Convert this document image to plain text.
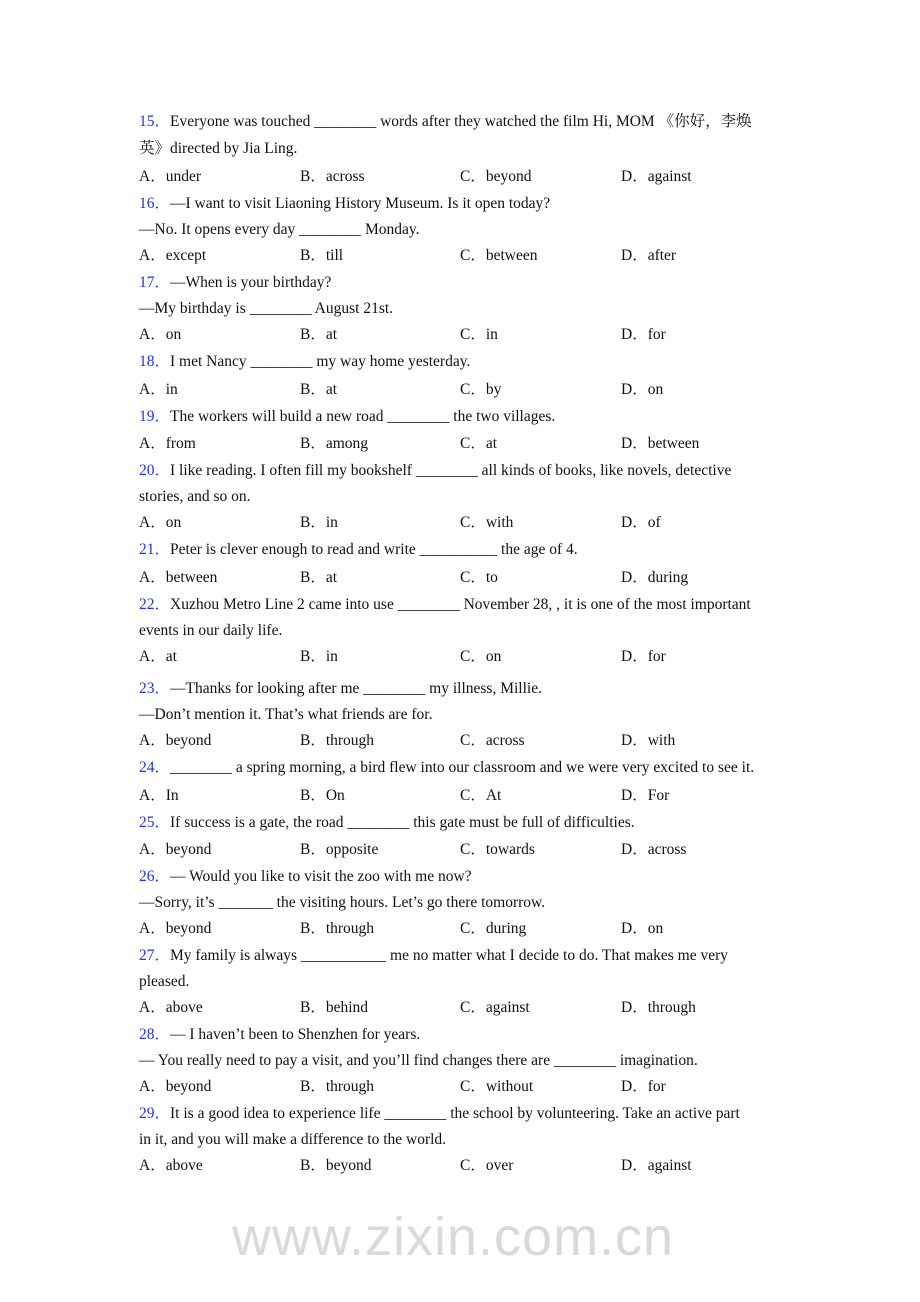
15．Everyone was touched ________ words after they watched the film Hi, MOM 《你好，李焕
英》directed by Jia Ling.
A．under	B．across	C．beyond	D．against
16．—I want to visit Liaoning History Museum. Is it open today?
—No. It opens every day ________ Monday.
A．except	B．till	C．between	D．after
17．—When is your birthday?
—My birthday is ________ August 21st.
A．on	B．at	C．in	D．for
18．I met Nancy ________ my way home yesterday.
A．in	B．at	C．by	D．on
19．The workers will build a new road ________ the two villages.
A．from	B．among	C．at	D．between
20．I like reading. I often fill my bookshelf ________ all kinds of books, like novels, detective
stories, and so on.
A．on	B．in	C．with	D．of
21．Peter is clever enough to read and write __________ the age of 4.
A．between	B．at	C．to	D．during
22．Xuzhou Metro Line 2 came into use ________ November 28, , it is one of the most important
events in our daily life.
A．at	B．in	C．on	D．for
23．—Thanks for looking after me ________ my illness, Millie.
—Don’t mention it. That’s what friends are for.
A．beyond	B．through	C．across	D．with
24．________ a spring morning, a bird flew into our classroom and we were very excited to see it.
A．In	B．On	C．At	D．For
25．If success is a gate, the road ________ this gate must be full of difficulties.
A．beyond	B．opposite	C．towards	D．across
26．— Would you like to visit the zoo with me now?
—Sorry, it’s _______ the visiting hours. Let’s go there tomorrow.
A．beyond	B．through	C．during	D．on
27．My family is always ___________ me no matter what I decide to do. That makes me very
pleased.
A．above	B．behind	C．against	D．through
28．— I haven’t been to Shenzhen for years.
— You really need to pay a visit, and you’ll find changes there are ________ imagination.
A．beyond	B．through	C．without	D．for
29．It is a good idea to experience life ________ the school by volunteering. Take an active part
in it, and you will make a difference to the world.
A．above	B．beyond	C．over	D．against
www.zixin.com.cn
